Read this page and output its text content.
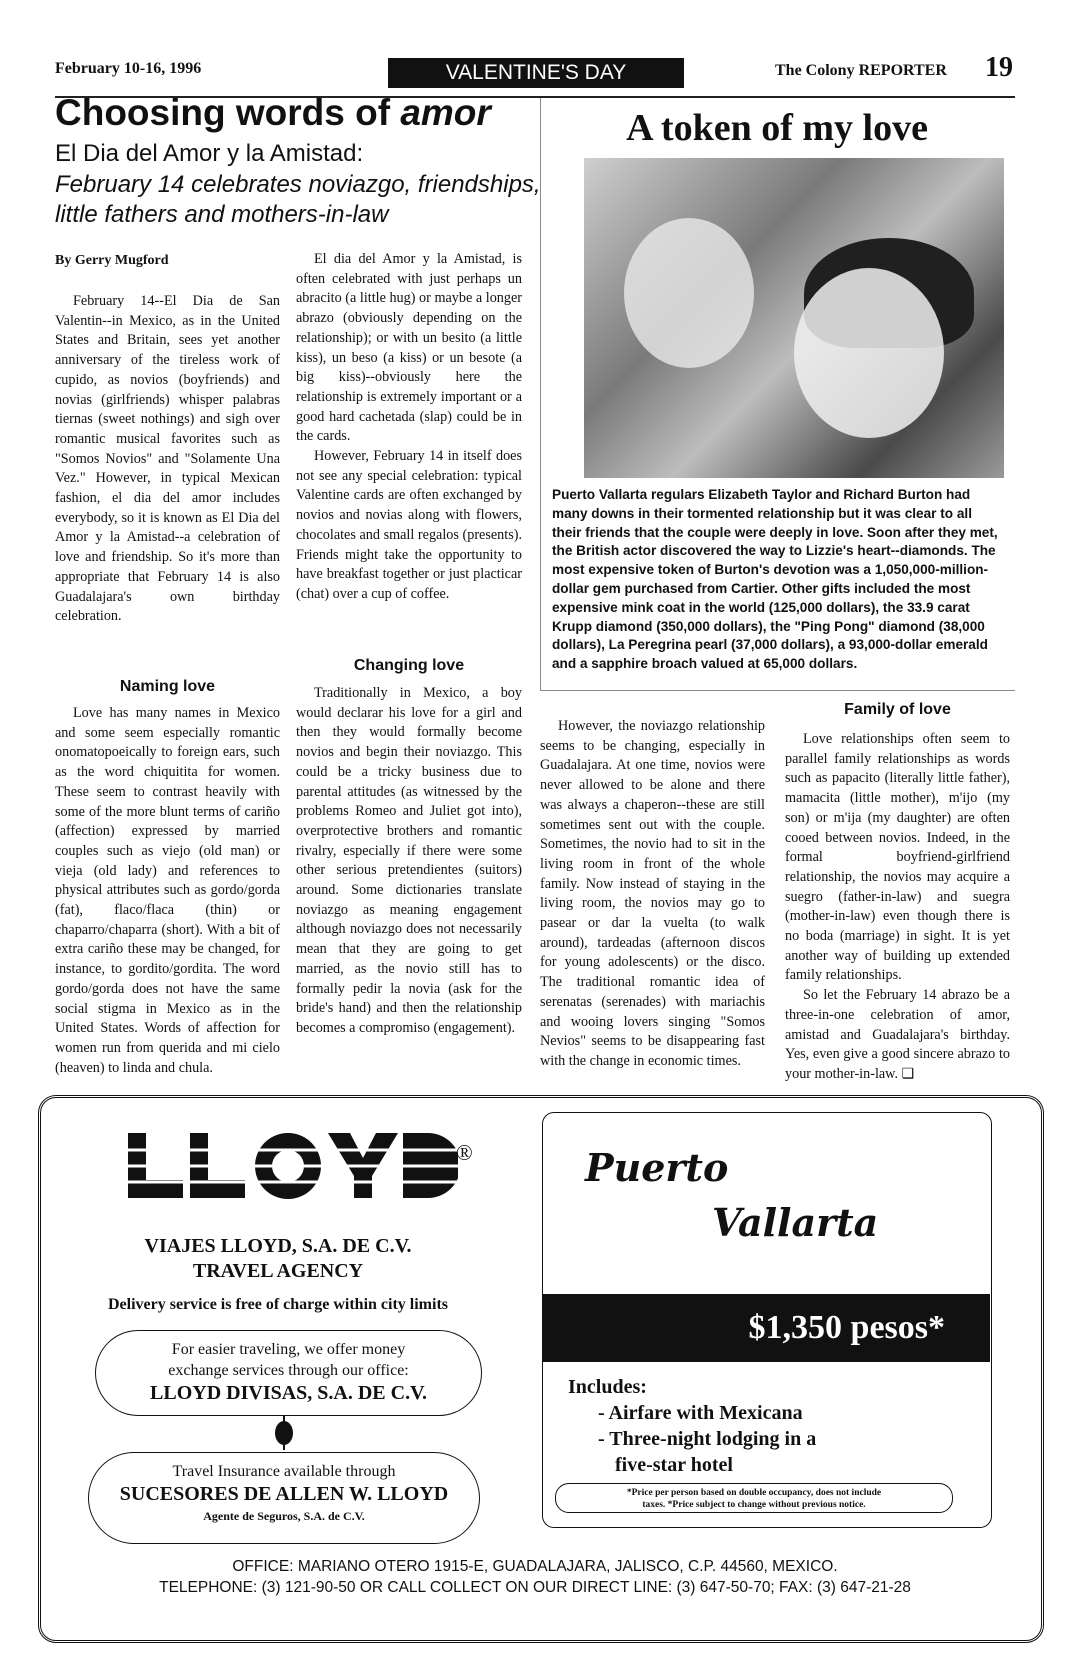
February 10-16, 1996	VALENTINE'S DAY	The Colony REPORTER 19
Choosing words of amor
El Dia del Amor y la Amistad:
February 14 celebrates noviazgo, friendships, little fathers and mothers-in-law
By Gerry Mugford

February 14--El Dia de San Valentin--in Mexico, as in the United States and Britain, sees yet another anniversary of the tireless work of cupido, as novios (boyfriends) and novias (girlfriends) whisper palabras tiernas (sweet nothings) and sigh over romantic musical favorites such as "Somos Novios" and "Solamente Una Vez." However, in typical Mexican fashion, el dia del amor includes everybody, so it is known as El Dia del Amor y la Amistad--a celebration of love and friendship. So it's more than appropriate that February 14 is also Guadalajara's own birthday celebration.

Naming love

Love has many names in Mexico and some seem especially romantic onomatopoeically to foreign ears, such as the word chiquitita for women. These seem to contrast heavily with some of the more blunt terms of cariño (affection) expressed by married couples such as viejo (old man) or vieja (old lady) and references to physical attributes such as gordo/gorda (fat), flaco/flaca (thin) or chaparro/chaparra (short). With a bit of extra cariño these may be changed, for instance, to gordito/gordita. The word gordo/gorda does not have the same social stigma in Mexico as in the United States. Words of affection for women run from querida and mi cielo (heaven) to linda and chula.

El dia del Amor y la Amistad, is often celebrated with just perhaps un abracito (a little hug) or maybe a longer abrazo (obviously depending on the relationship); or with un besito (a little kiss), un beso (a kiss) or un besote (a big kiss)--obviously here the relationship is extremely important or a good hard cachetada (slap) could be in the cards.

However, February 14 in itself does not see any special celebration: typical Valentine cards are often exchanged by novios and novias along with flowers, chocolates and small regalos (presents). Friends might take the opportunity to have breakfast together or just placticar (chat) over a cup of coffee.

Changing love

Traditionally in Mexico, a boy would declarar his love for a girl and then they would formally become novios and begin their noviazgo. This could be a tricky business due to parental attitudes (as witnessed by the problems Romeo and Juliet got into), overprotective brothers and romantic rivalry, especially if there were some other serious pretendientes (suitors) around. Some dictionaries translate noviazgo as meaning engagement although noviazgo does not necessarily mean that they are going to get married, as the novio still has to formally pedir la novia (ask for the bride's hand) and then the relationship becomes a compromiso (engagement).

A token of my love
Puerto Vallarta regulars Elizabeth Taylor and Richard Burton had many downs in their tormented relationship but it was clear to all their friends that the couple were deeply in love. Soon after they met, the British actor discovered the way to Lizzie's heart--diamonds. The most expensive token of Burton's devotion was a 1,050,000-million-dollar gem purchased from Cartier. Other gifts included the most expensive mink coat in the world (125,000 dollars), the 33.9 carat Krupp diamond (350,000 dollars), the "Ping Pong" diamond (38,000 dollars), La Peregrina pearl (37,000 dollars), a 93,000-dollar emerald and a sapphire broach valued at 65,000 dollars.

However, the noviazgo relationship seems to be changing, especially in Guadalajara. At one time, novios were never allowed to be alone and there was always a chaperon--these are still sometimes sent out with the couple. Sometimes, the novio had to sit in the living room in front of the whole family. Now instead of staying in the living room, the novios may go to pasear or dar la vuelta (to walk around), tardeadas (afternoon discos for young adolescents) or the disco. The traditional romantic idea of serenatas (serenades) with mariachis and wooing lovers singing "Somos Nevios" seems to be disappearing fast with the change in economic times.

Family of love

Love relationships often seem to parallel family relationships as words such as papacito (literally little father), mamacita (little mother), m'ijo (my son) or m'ija (my daughter) are often cooed between novios. Indeed, in the formal boyfriend-girlfriend relationship, the novios may acquire a suegro (father-in-law) and suegra (mother-in-law) even though there is no boda (marriage) in sight. It is yet another way of building up extended family relationships.

So let the February 14 abrazo be a three-in-one celebration of amor, amistad and Guadalajara's birthday. Yes, even give a good sincere abrazo to your mother-in-law. ❑

LLOYD
®
VIAJES LLOYD, S.A. DE C.V.
TRAVEL AGENCY
Delivery service is free of charge within city limits
For easier traveling, we offer money
exchange services through our office:
LLOYD DIVISAS, S.A. DE C.V.
Travel Insurance available through
SUCESORES DE ALLEN W. LLOYD
Agente de Seguros, S.A. de C.V.
Puerto
Vallarta
$1,350 pesos*
Includes:
- Airfare with Mexicana
- Three-night lodging in a
five-star hotel
*Price per person based on double occupancy, does not include
taxes. *Price subject to change without previous notice.
OFFICE: MARIANO OTERO 1915-E, GUADALAJARA, JALISCO, C.P. 44560, MEXICO.
TELEPHONE: (3) 121-90-50 OR CALL COLLECT ON OUR DIRECT LINE: (3) 647-50-70; FAX: (3) 647-21-28
